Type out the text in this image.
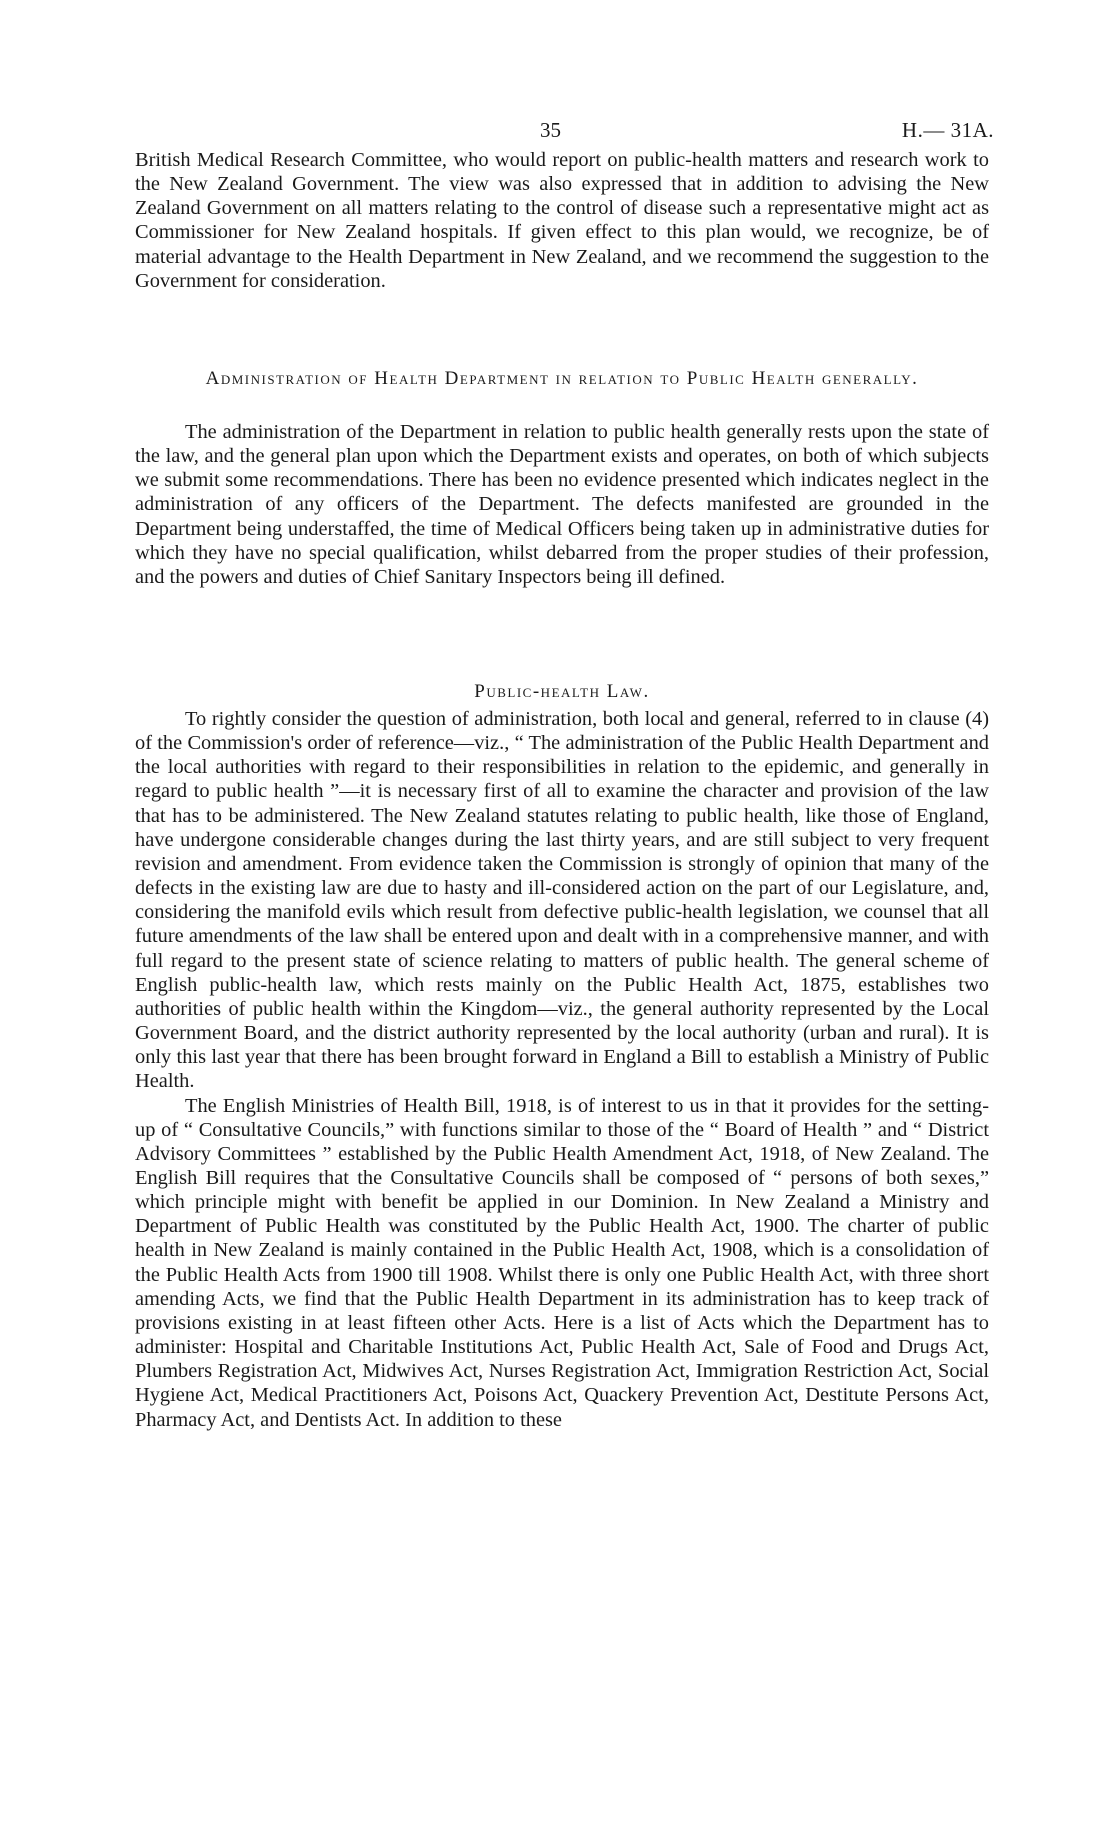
35	H.— 31A.

British Medical Research Committee, who would report on public-health matters and research work to the New Zealand Government. The view was also expressed that in addition to advising the New Zealand Government on all matters relating to the control of disease such a representative might act as Commissioner for New Zealand hospitals. If given effect to this plan would, we recognize, be of material advantage to the Health Department in New Zealand, and we recommend the suggestion to the Government for consideration.

Administration of Health Department in relation to Public Health generally.

The administration of the Department in relation to public health generally rests upon the state of the law, and the general plan upon which the Department exists and operates, on both of which subjects we submit some recommendations. There has been no evidence presented which indicates neglect in the administration of any officers of the Department. The defects manifested are grounded in the Department being understaffed, the time of Medical Officers being taken up in administrative duties for which they have no special qualification, whilst debarred from the proper studies of their profession, and the powers and duties of Chief Sanitary Inspectors being ill defined.

Public-health Law.

To rightly consider the question of administration, both local and general, referred to in clause (4) of the Commission's order of reference—viz., “ The administration of the Public Health Department and the local authorities with regard to their responsibilities in relation to the epidemic, and generally in regard to public health ”—it is necessary first of all to examine the character and provision of the law that has to be administered. The New Zealand statutes relating to public health, like those of England, have undergone considerable changes during the last thirty years, and are still subject to very frequent revision and amendment. From evidence taken the Commission is strongly of opinion that many of the defects in the existing law are due to hasty and ill-considered action on the part of our Legislature, and, considering the manifold evils which result from defective public-health legislation, we counsel that all future amendments of the law shall be entered upon and dealt with in a comprehensive manner, and with full regard to the present state of science relating to matters of public health. The general scheme of English public-health law, which rests mainly on the Public Health Act, 1875, establishes two authorities of public health within the Kingdom—viz., the general authority represented by the Local Government Board, and the district authority represented by the local authority (urban and rural). It is only this last year that there has been brought forward in England a Bill to establish a Ministry of Public Health.

The English Ministries of Health Bill, 1918, is of interest to us in that it provides for the setting-up of “ Consultative Councils,” with functions similar to those of the “ Board of Health ” and “ District Advisory Committees ” established by the Public Health Amendment Act, 1918, of New Zealand. The English Bill requires that the Consultative Councils shall be composed of “ persons of both sexes,” which principle might with benefit be applied in our Dominion. In New Zealand a Ministry and Department of Public Health was constituted by the Public Health Act, 1900. The charter of public health in New Zealand is mainly contained in the Public Health Act, 1908, which is a consolidation of the Public Health Acts from 1900 till 1908. Whilst there is only one Public Health Act, with three short amending Acts, we find that the Public Health Department in its administration has to keep track of provisions existing in at least fifteen other Acts. Here is a list of Acts which the Department has to administer: Hospital and Charitable Institutions Act, Public Health Act, Sale of Food and Drugs Act, Plumbers Registration Act, Midwives Act, Nurses Registration Act, Immigration Restriction Act, Social Hygiene Act, Medical Practitioners Act, Poisons Act, Quackery Prevention Act, Destitute Persons Act, Pharmacy Act, and Dentists Act. In addition to these
